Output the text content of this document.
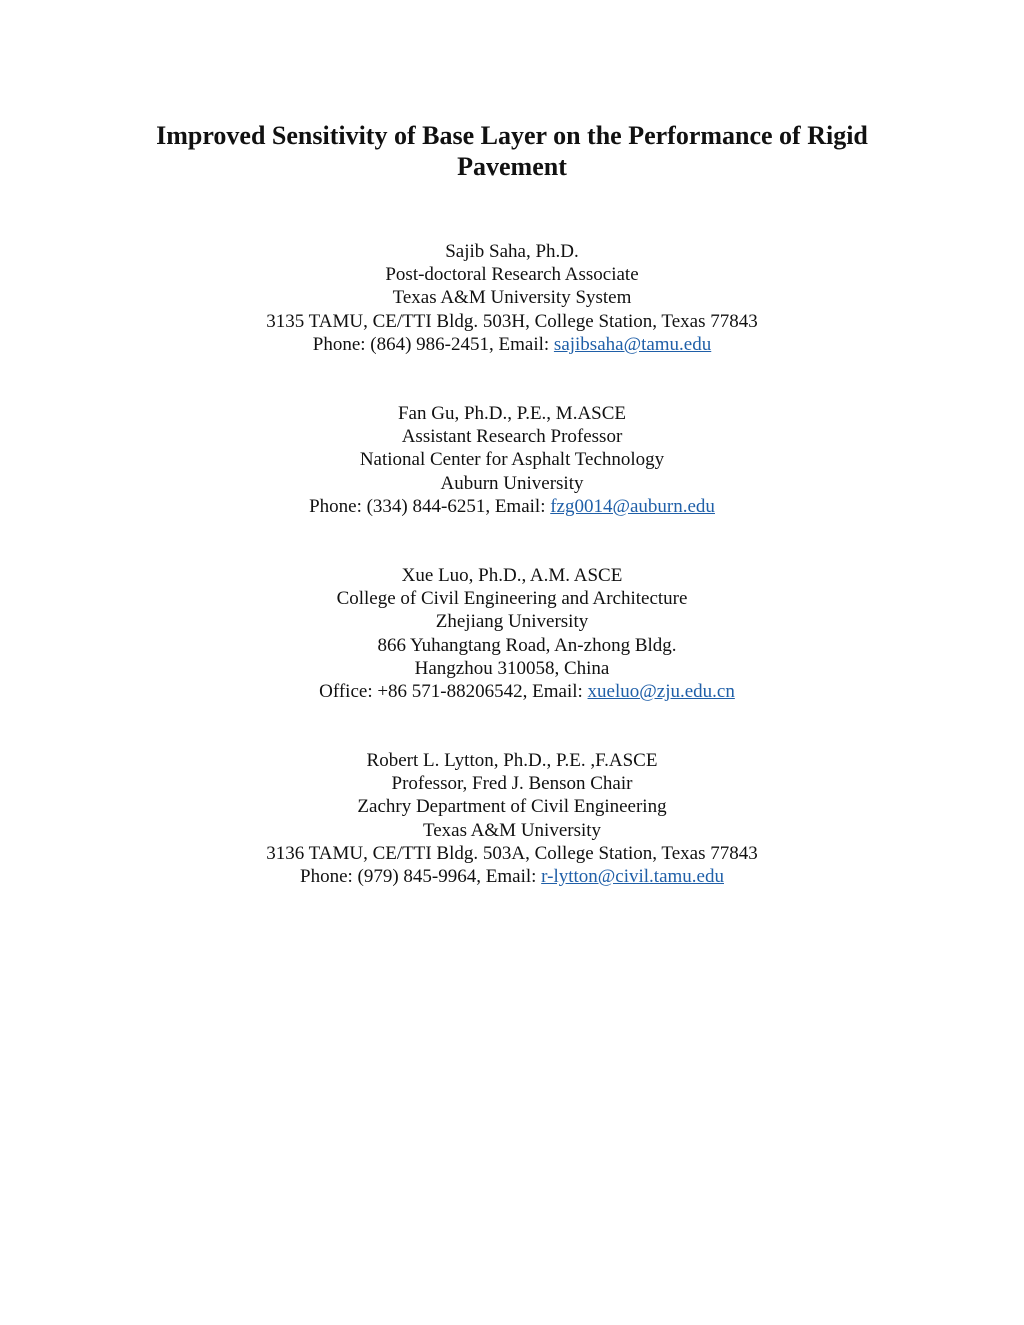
Improved Sensitivity of Base Layer on the Performance of Rigid
Pavement
Sajib Saha, Ph.D.
Post-doctoral Research Associate
Texas A&M University System
3135 TAMU, CE/TTI Bldg. 503H, College Station, Texas 77843
Phone: (864) 986-2451, Email: sajibsaha@tamu.edu
Fan Gu, Ph.D., P.E., M.ASCE
Assistant Research Professor
National Center for Asphalt Technology
Auburn University
Phone: (334) 844-6251, Email: fzg0014@auburn.edu
Xue Luo, Ph.D., A.M. ASCE
College of Civil Engineering and Architecture
Zhejiang University
866 Yuhangtang Road, An-zhong Bldg.
Hangzhou 310058, China
Office: +86 571-88206542, Email: xueluo@zju.edu.cn
Robert L. Lytton, Ph.D., P.E. ,F.ASCE
Professor, Fred J. Benson Chair
Zachry Department of Civil Engineering
Texas A&M University
3136 TAMU, CE/TTI Bldg. 503A, College Station, Texas 77843
Phone: (979) 845-9964, Email: r-lytton@civil.tamu.edu
